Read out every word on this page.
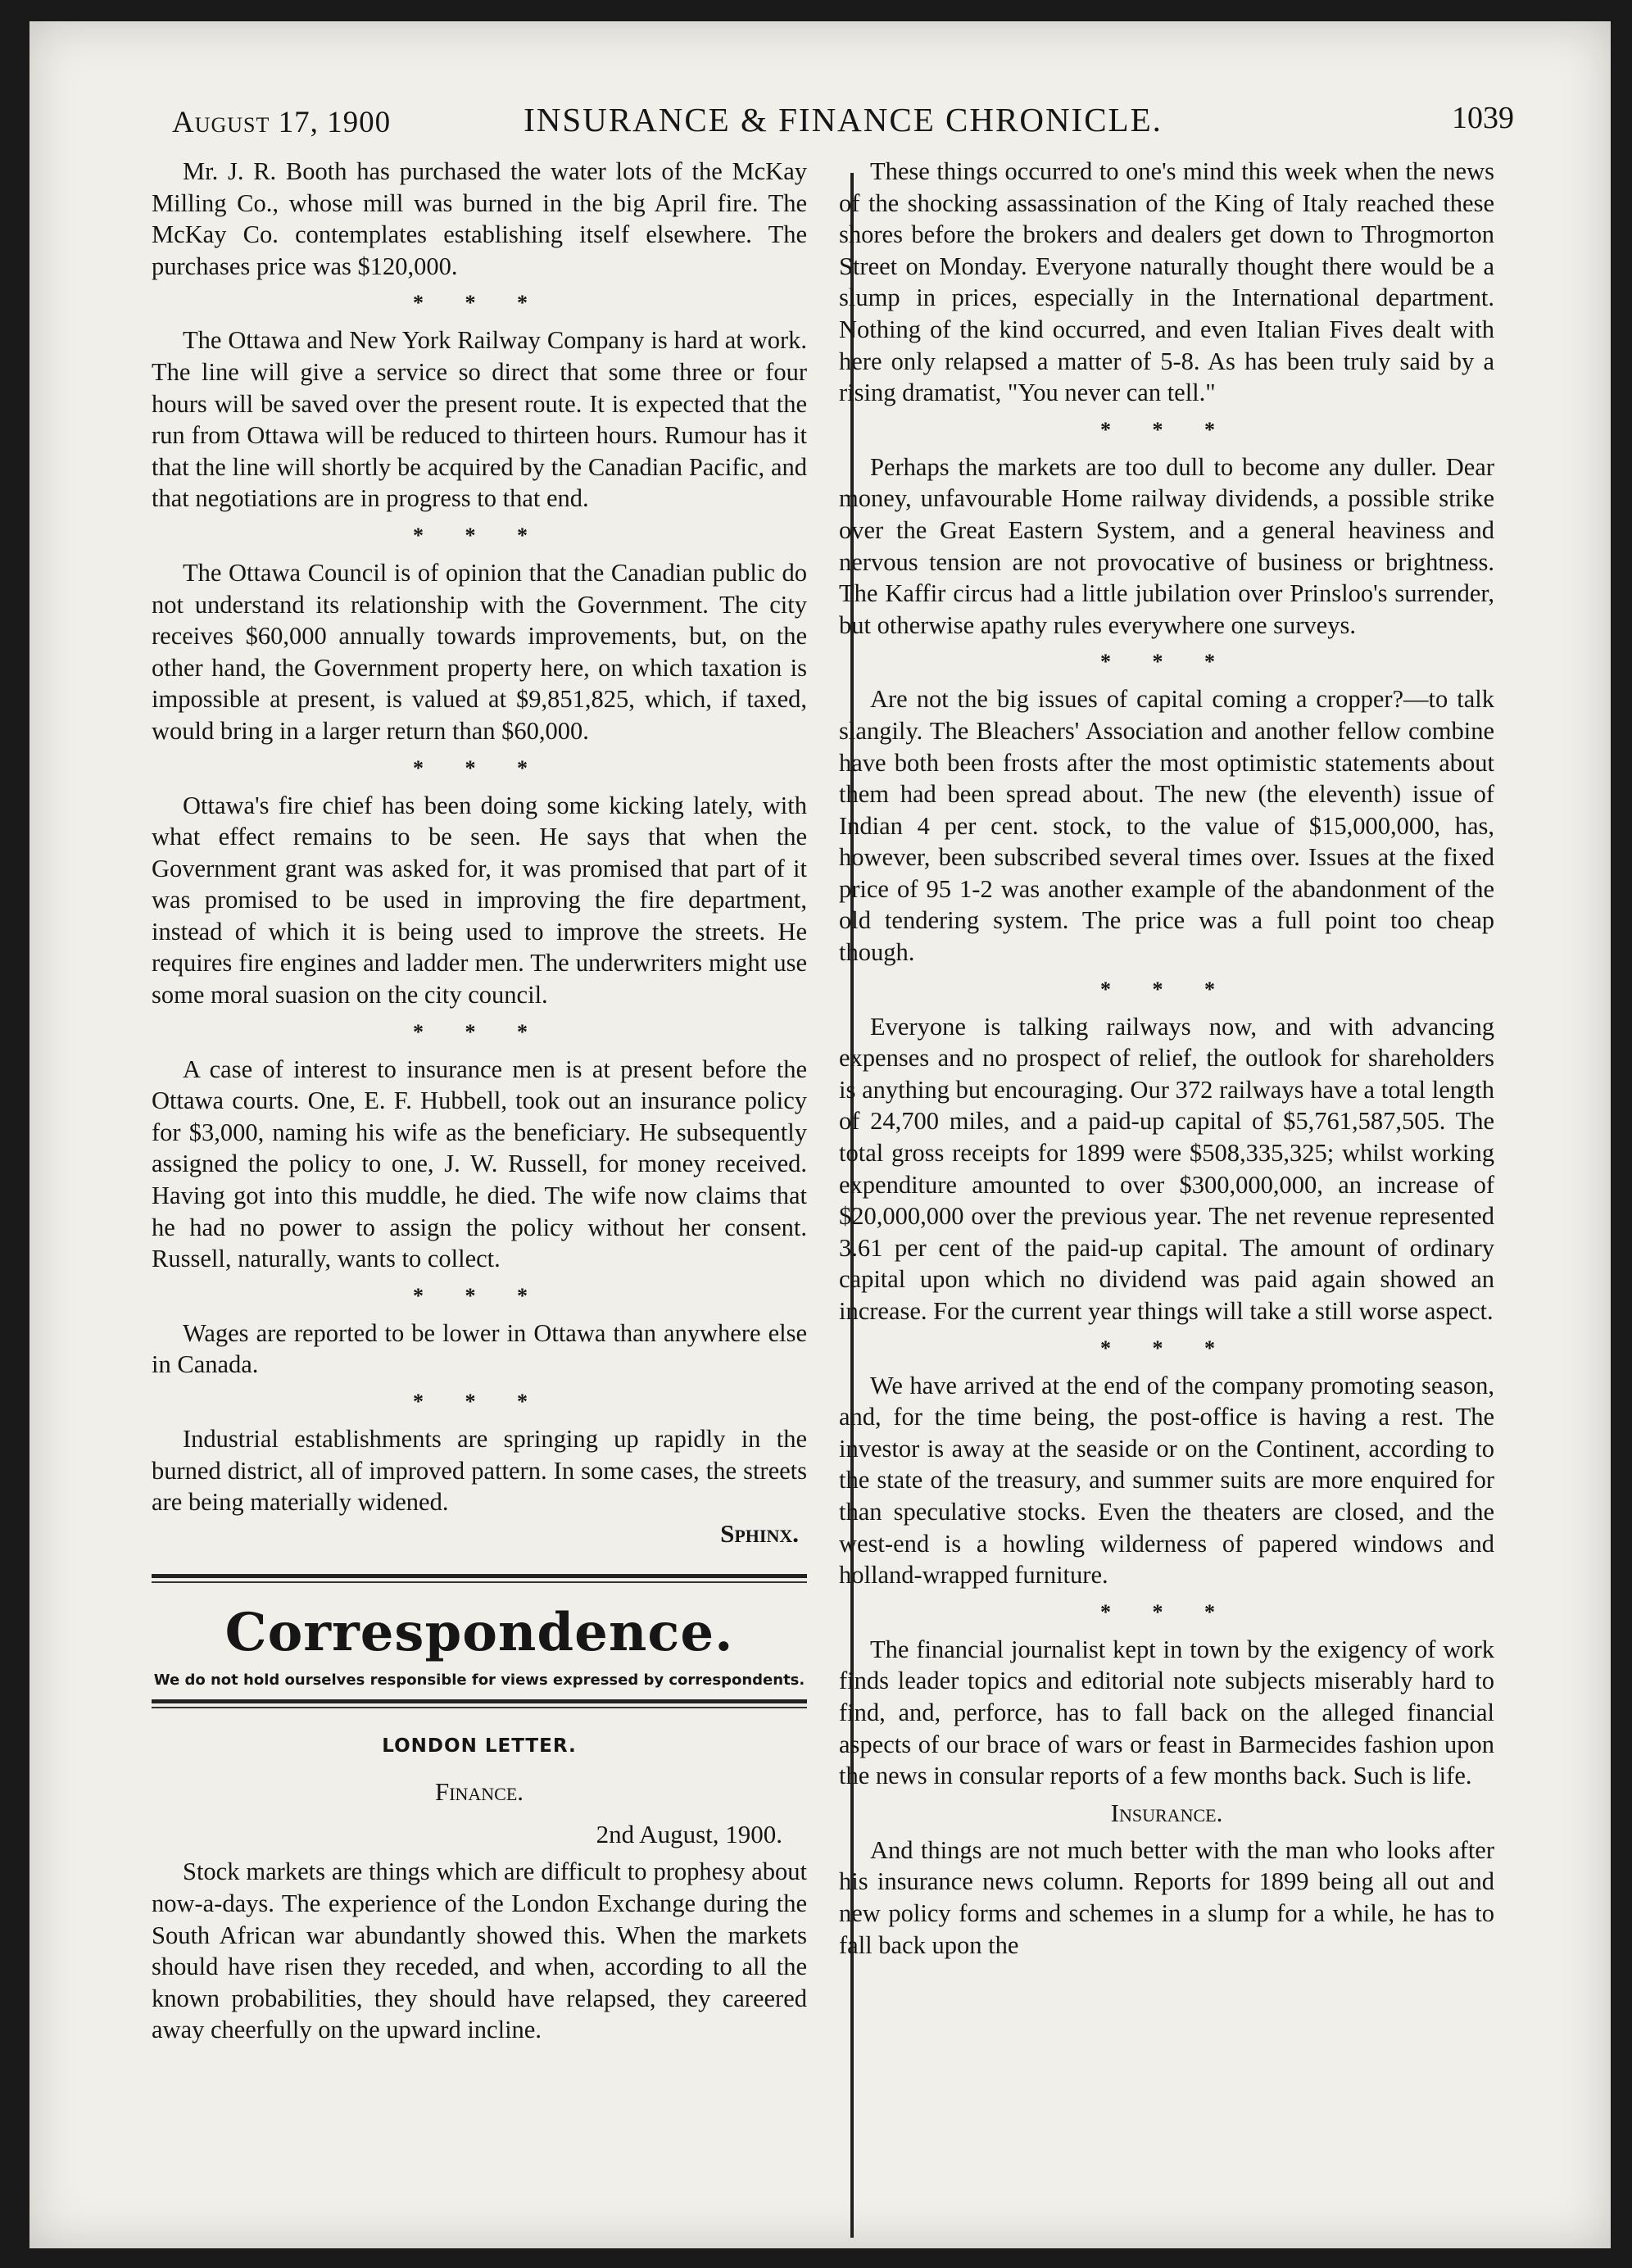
August 17, 1900	INSURANCE & FINANCE CHRONICLE.	1039

Mr. J. R. Booth has purchased the water lots of the McKay Milling Co., whose mill was burned in the big April fire. The McKay Co. contemplates establishing itself elsewhere. The purchases price was $120,000.

* * *

The Ottawa and New York Railway Company is hard at work. The line will give a service so direct that some three or four hours will be saved over the present route. It is expected that the run from Ottawa will be reduced to thirteen hours. Rumour has it that the line will shortly be acquired by the Canadian Pacific, and that negotiations are in progress to that end.

* * *

The Ottawa Council is of opinion that the Canadian public do not understand its relationship with the Government. The city receives $60,000 annually towards improvements, but, on the other hand, the Government property here, on which taxation is impossible at present, is valued at $9,851,825, which, if taxed, would bring in a larger return than $60,000.

* * *

Ottawa's fire chief has been doing some kicking lately, with what effect remains to be seen. He says that when the Government grant was asked for, it was promised that part of it was promised to be used in improving the fire department, instead of which it is being used to improve the streets. He requires fire engines and ladder men. The underwriters might use some moral suasion on the city council.

* * *

A case of interest to insurance men is at present before the Ottawa courts. One, E. F. Hubbell, took out an insurance policy for $3,000, naming his wife as the beneficiary. He subsequently assigned the policy to one, J. W. Russell, for money received. Having got into this muddle, he died. The wife now claims that he had no power to assign the policy without her consent. Russell, naturally, wants to collect.

* * *

Wages are reported to be lower in Ottawa than anywhere else in Canada.

* * *

Industrial establishments are springing up rapidly in the burned district, all of improved pattern. In some cases, the streets are being materially widened.

Sphinx.
Correspondence.
We do not hold ourselves responsible for views expressed by correspondents.
LONDON LETTER.
Finance.
2nd August, 1900.

Stock markets are things which are difficult to prophesy about now-a-days. The experience of the London Exchange during the South African war abundantly showed this. When the markets should have risen they receded, and when, according to all the known probabilities, they should have relapsed, they careered away cheerfully on the upward incline.

These things occurred to one's mind this week when the news of the shocking assassination of the King of Italy reached these shores before the brokers and dealers get down to Throgmorton Street on Monday. Everyone naturally thought there would be a slump in prices, especially in the International department. Nothing of the kind occurred, and even Italian Fives dealt with here only relapsed a matter of 5-8. As has been truly said by a rising dramatist, "You never can tell."

* * *

Perhaps the markets are too dull to become any duller. Dear money, unfavourable Home railway dividends, a possible strike over the Great Eastern System, and a general heaviness and nervous tension are not provocative of business or brightness. The Kaffir circus had a little jubilation over Prinsloo's surrender, but otherwise apathy rules everywhere one surveys.

* * *

Are not the big issues of capital coming a cropper?—to talk slangily. The Bleachers' Association and another fellow combine have both been frosts after the most optimistic statements about them had been spread about. The new (the eleventh) issue of Indian 4 per cent. stock, to the value of $15,000,000, has, however, been subscribed several times over. Issues at the fixed price of 95 1-2 was another example of the abandonment of the old tendering system. The price was a full point too cheap though.

* * *

Everyone is talking railways now, and with advancing expenses and no prospect of relief, the outlook for shareholders is anything but encouraging. Our 372 railways have a total length of 24,700 miles, and a paid-up capital of $5,761,587,505. The total gross receipts for 1899 were $508,335,325; whilst working expenditure amounted to over $300,000,000, an increase of $20,000,000 over the previous year. The net revenue represented 3.61 per cent of the paid-up capital. The amount of ordinary capital upon which no dividend was paid again showed an increase. For the current year things will take a still worse aspect.

* * *

We have arrived at the end of the company promoting season, and, for the time being, the post-office is having a rest. The investor is away at the seaside or on the Continent, according to the state of the treasury, and summer suits are more enquired for than speculative stocks. Even the theaters are closed, and the west-end is a howling wilderness of papered windows and holland-wrapped furniture.

* * *

The financial journalist kept in town by the exigency of work finds leader topics and editorial note subjects miserably hard to find, and, perforce, has to fall back on the alleged financial aspects of our brace of wars or feast in Barmecides fashion upon the news in consular reports of a few months back. Such is life.

Insurance.

And things are not much better with the man who looks after his insurance news column. Reports for 1899 being all out and new policy forms and schemes in a slump for a while, he has to fall back upon the
